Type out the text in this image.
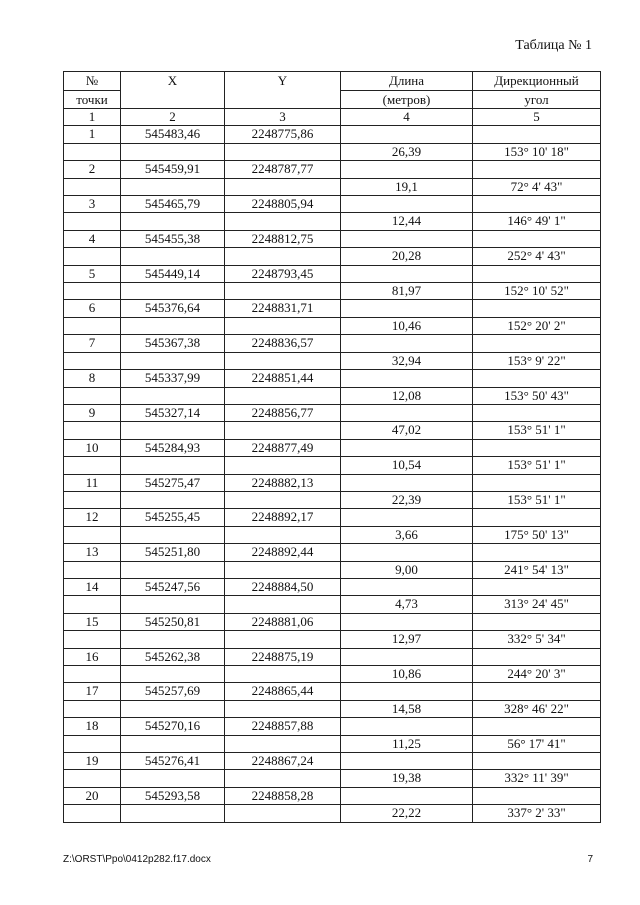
Таблица № 1
№	X	Y	Длина	Дирекционный
точки			(метров)	угол
1	2	3	4	5
1	545483,46	2248775,86		
			26,39	153° 10' 18"
2	545459,91	2248787,77		
			19,1	72° 4' 43"
3	545465,79	2248805,94		
			12,44	146° 49' 1"
4	545455,38	2248812,75		
			20,28	252° 4' 43"
5	545449,14	2248793,45		
			81,97	152° 10' 52"
6	545376,64	2248831,71		
			10,46	152° 20' 2"
7	545367,38	2248836,57		
			32,94	153° 9' 22"
8	545337,99	2248851,44		
			12,08	153° 50' 43"
9	545327,14	2248856,77		
			47,02	153° 51' 1"
10	545284,93	2248877,49		
			10,54	153° 51' 1"
11	545275,47	2248882,13		
			22,39	153° 51' 1"
12	545255,45	2248892,17		
			3,66	175° 50' 13"
13	545251,80	2248892,44		
			9,00	241° 54' 13"
14	545247,56	2248884,50		
			4,73	313° 24' 45"
15	545250,81	2248881,06		
			12,97	332° 5' 34"
16	545262,38	2248875,19		
			10,86	244° 20' 3"
17	545257,69	2248865,44		
			14,58	328° 46' 22"
18	545270,16	2248857,88		
			11,25	56° 17' 41"
19	545276,41	2248867,24		
			19,38	332° 11' 39"
20	545293,58	2248858,28		
			22,22	337° 2' 33"
Z:\ORST\Ppo\0412p282.f17.docx	7
